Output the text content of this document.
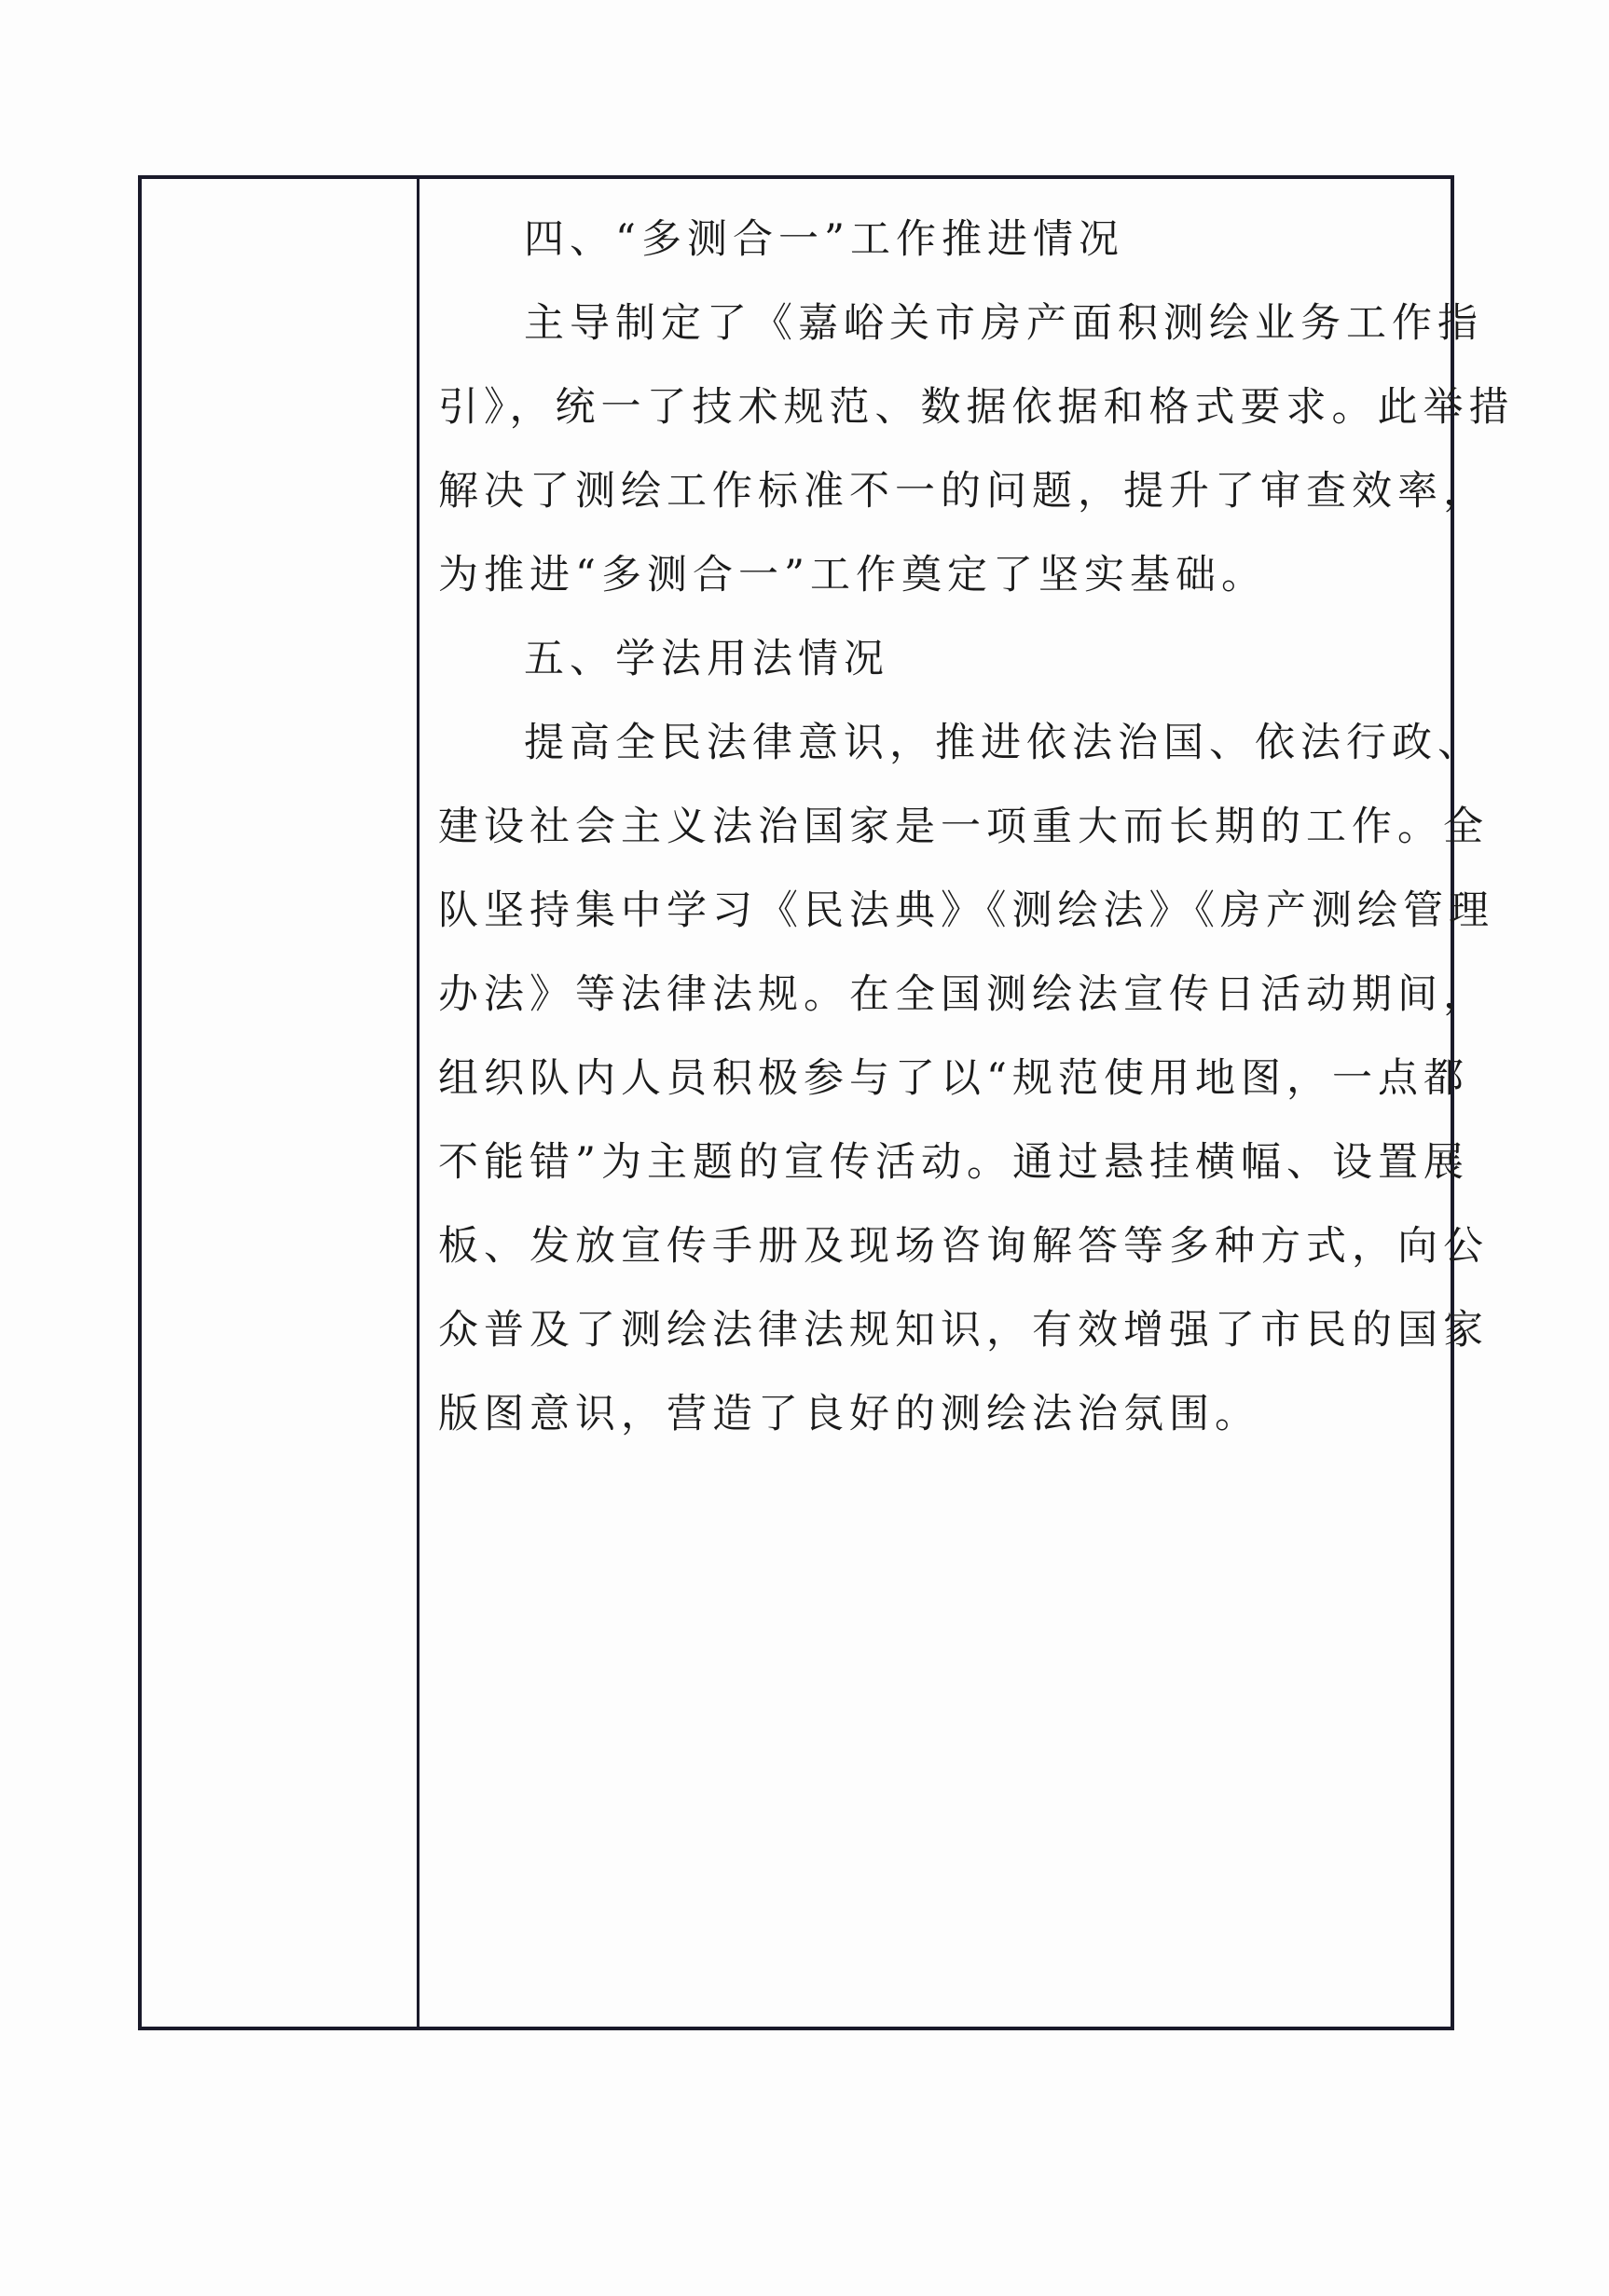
四、“多测合一”工作推进情况
主导制定了《嘉峪关市房产面积测绘业务工作指
引》，统一了技术规范、数据依据和格式要求。此举措
解决了测绘工作标准不一的问题，提升了审查效率，
为推进“多测合一”工作奠定了坚实基础。
五、学法用法情况
提高全民法律意识，推进依法治国、依法行政、
建设社会主义法治国家是一项重大而长期的工作。全
队坚持集中学习《民法典》《测绘法》《房产测绘管理
办法》等法律法规。在全国测绘法宣传日活动期间，
组织队内人员积极参与了以“规范使用地图，一点都
不能错”为主题的宣传活动。通过悬挂横幅、设置展
板、发放宣传手册及现场咨询解答等多种方式，向公
众普及了测绘法律法规知识，有效增强了市民的国家
版图意识，营造了良好的测绘法治氛围。
